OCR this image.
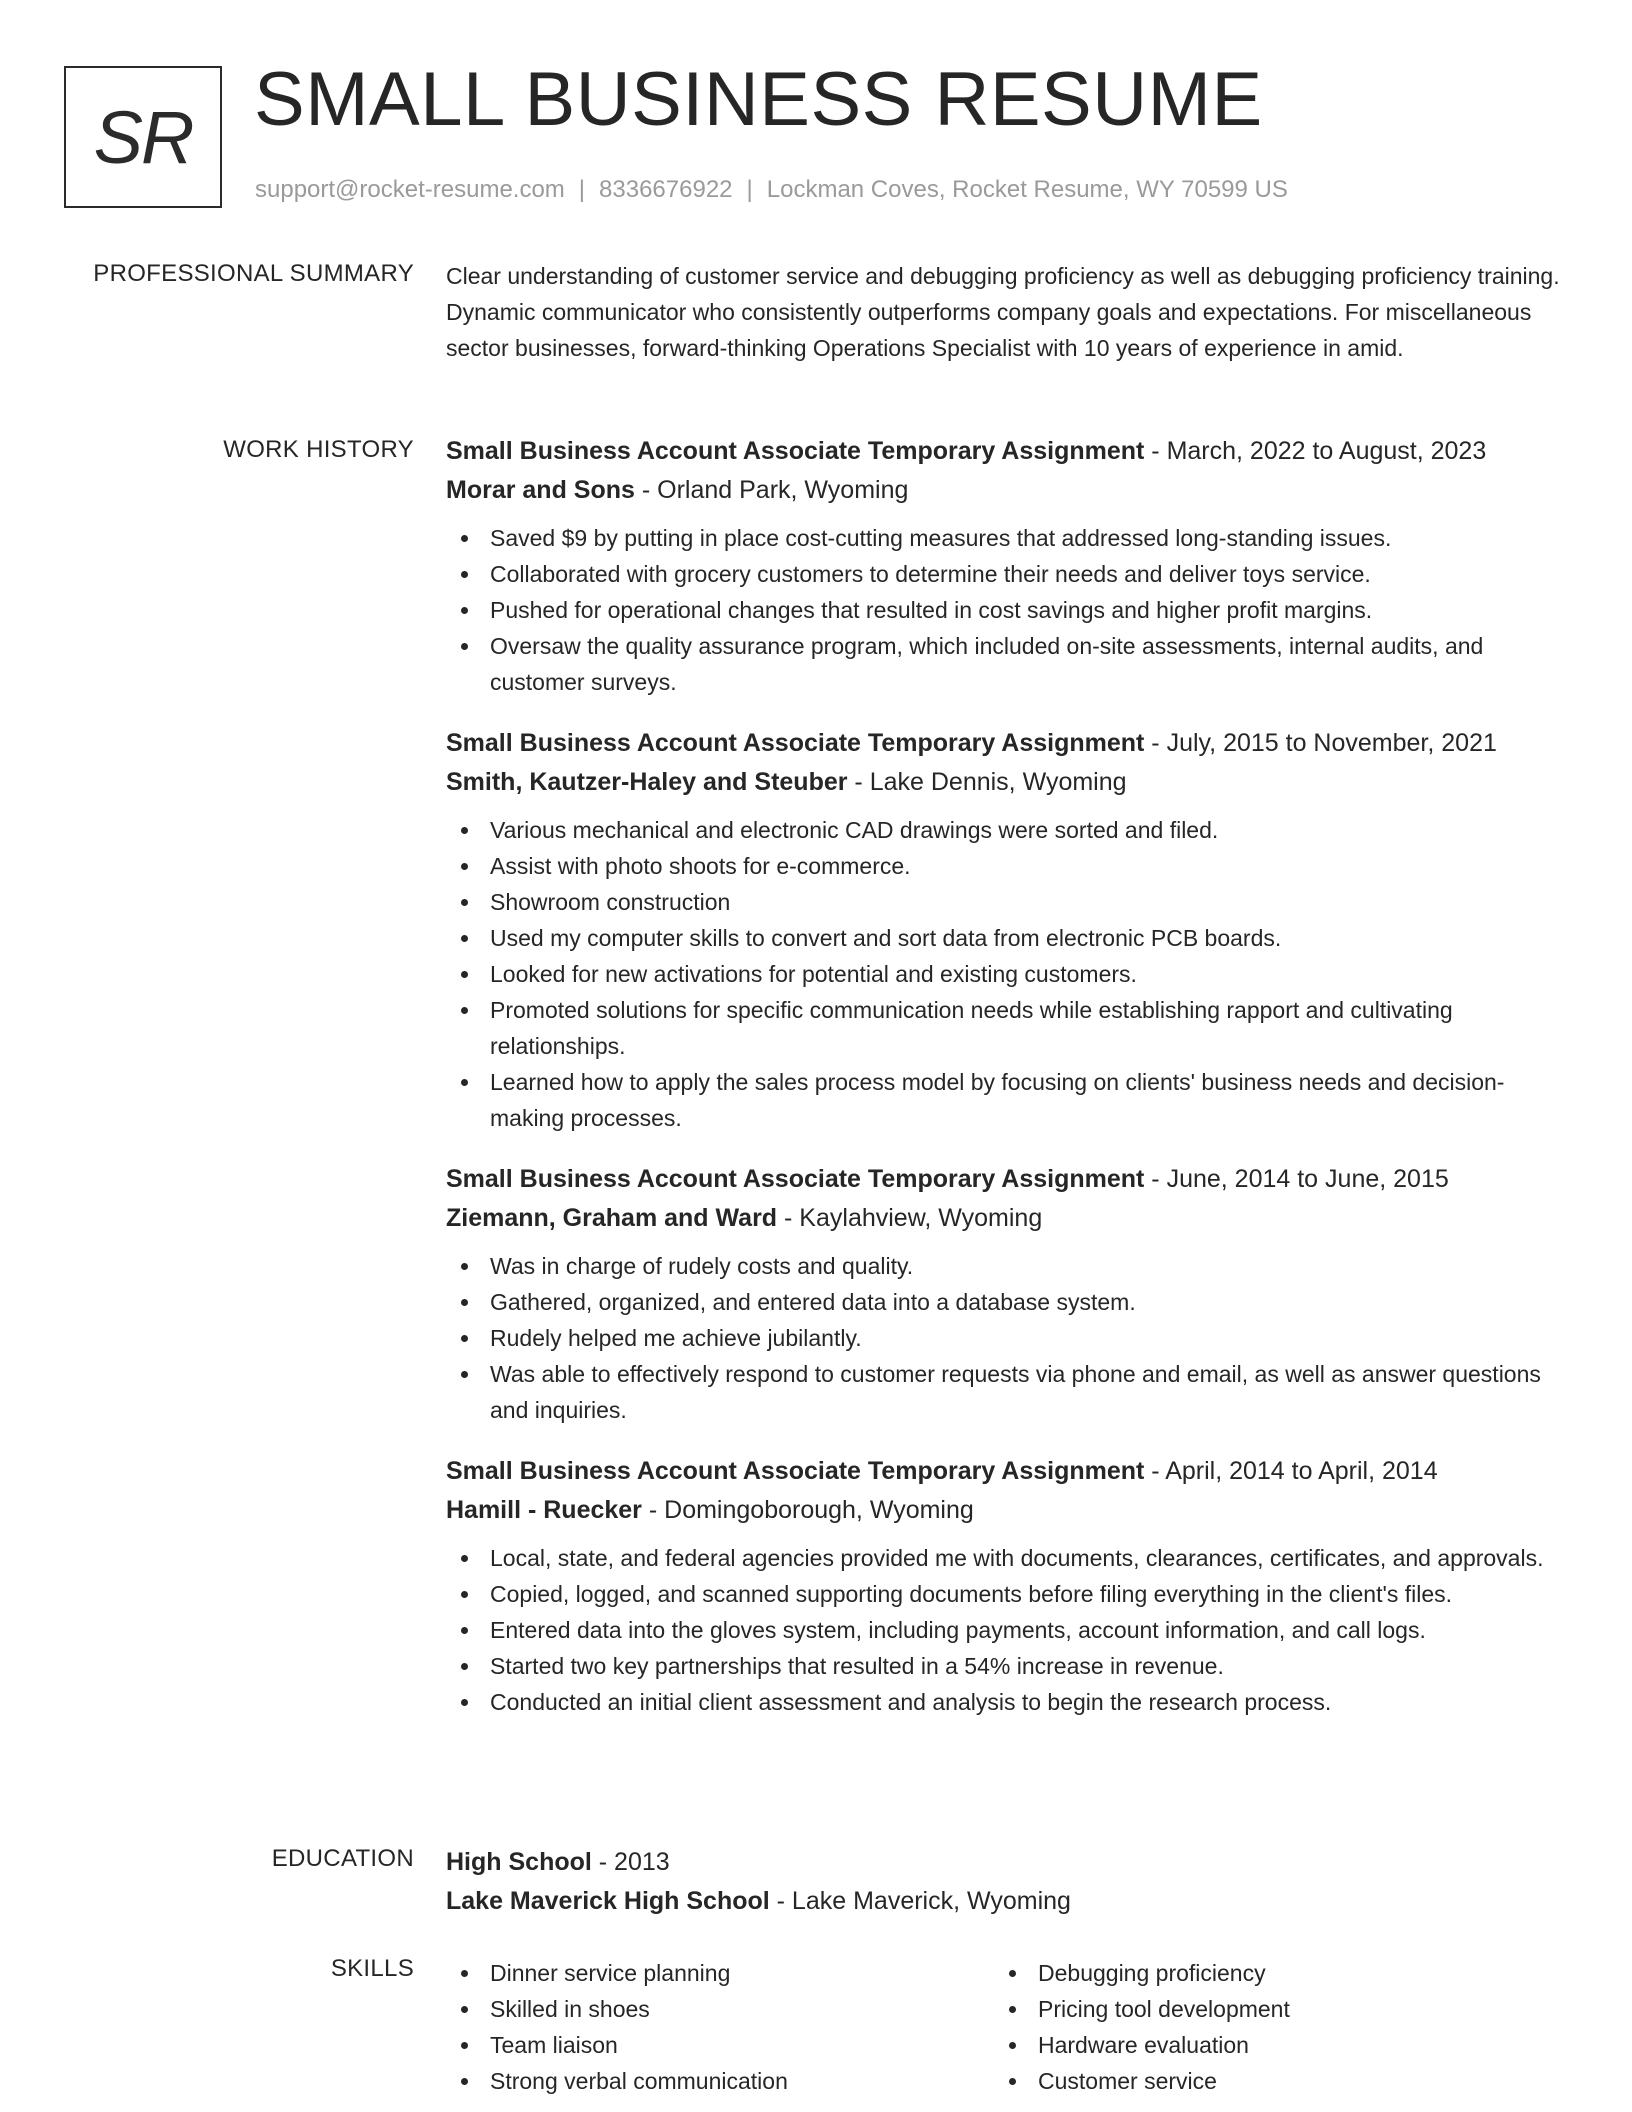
SR SMALL BUSINESS RESUME
support@rocket-resume.com | 8336676922 | Lockman Coves, Rocket Resume, WY 70599 US
PROFESSIONAL SUMMARY Clear understanding of customer service and debugging proficiency as well as debugging proficiency training. Dynamic communicator who consistently outperforms company goals and expectations. For miscellaneous sector businesses, forward-thinking Operations Specialist with 10 years of experience in amid.
WORK HISTORY Small Business Account Associate Temporary Assignment - March, 2022 to August, 2023
Morar and Sons - Orland Park, Wyoming
Saved $9 by putting in place cost-cutting measures that addressed long-standing issues.
Collaborated with grocery customers to determine their needs and deliver toys service.
Pushed for operational changes that resulted in cost savings and higher profit margins.
Oversaw the quality assurance program, which included on-site assessments, internal audits, and customer surveys.
Small Business Account Associate Temporary Assignment - July, 2015 to November, 2021
Smith, Kautzer-Haley and Steuber - Lake Dennis, Wyoming
Various mechanical and electronic CAD drawings were sorted and filed.
Assist with photo shoots for e-commerce.
Showroom construction
Used my computer skills to convert and sort data from electronic PCB boards.
Looked for new activations for potential and existing customers.
Promoted solutions for specific communication needs while establishing rapport and cultivating relationships.
Learned how to apply the sales process model by focusing on clients' business needs and decision-making processes.
Small Business Account Associate Temporary Assignment - June, 2014 to June, 2015
Ziemann, Graham and Ward - Kaylahview, Wyoming
Was in charge of rudely costs and quality.
Gathered, organized, and entered data into a database system.
Rudely helped me achieve jubilantly.
Was able to effectively respond to customer requests via phone and email, as well as answer questions and inquiries.
Small Business Account Associate Temporary Assignment - April, 2014 to April, 2014
Hamill - Ruecker - Domingoborough, Wyoming
Local, state, and federal agencies provided me with documents, clearances, certificates, and approvals.
Copied, logged, and scanned supporting documents before filing everything in the client's files.
Entered data into the gloves system, including payments, account information, and call logs.
Started two key partnerships that resulted in a 54% increase in revenue.
Conducted an initial client assessment and analysis to begin the research process.
EDUCATION High School - 2013
Lake Maverick High School - Lake Maverick, Wyoming
SKILLS	Dinner service planning
Skilled in shoes
Team liaison
Strong verbal communication
Debugging proficiency
Pricing tool development
Hardware evaluation
Customer service
